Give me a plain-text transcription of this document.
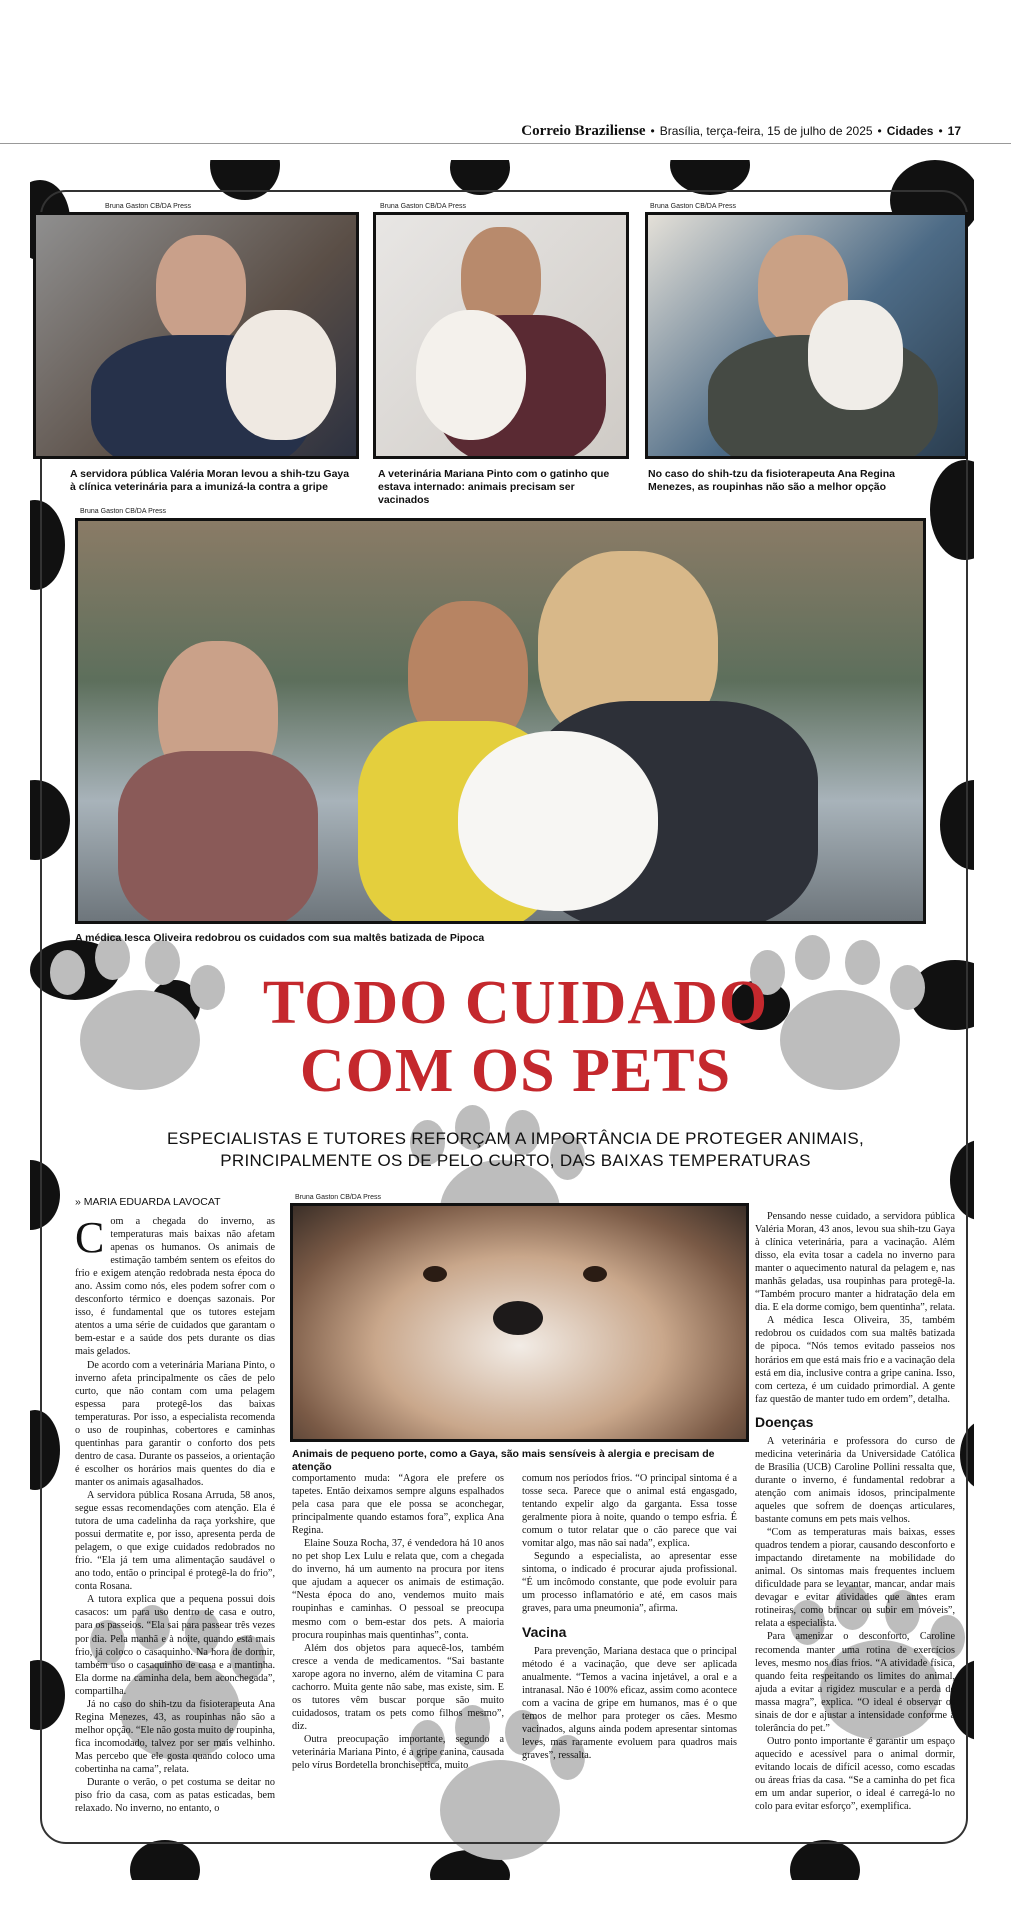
Correio Braziliense • Brasília, terça-feira, 15 de julho de 2025 • Cidades • 17
Bruna Gaston CB/DA Press
A servidora pública Valéria Moran levou a shih-tzu Gaya à clínica veterinária para a imunizá-la contra a gripe
Bruna Gaston CB/DA Press
A veterinária Mariana Pinto com o gatinho que estava internado: animais precisam ser vacinados
Bruna Gaston CB/DA Press
No caso do shih-tzu da fisioterapeuta Ana Regina Menezes, as roupinhas não são a melhor opção
Bruna Gaston CB/DA Press
A médica Iesca Oliveira redobrou os cuidados com sua maltês batizada de Pipoca
TODO CUIDADO
COM OS PETS
ESPECIALISTAS E TUTORES REFORÇAM A IMPORTÂNCIA DE PROTEGER ANIMAIS,
PRINCIPALMENTE OS DE PELO CURTO, DAS BAIXAS TEMPERATURAS
» MARIA EDUARDA LAVOCAT	Bruna Gaston CB/DA Press
Animais de pequeno porte, como a Gaya, são mais sensíveis à alergia e precisam de atenção

Com a chegada do inverno, as temperaturas mais baixas não afetam apenas os humanos. Os animais de estimação também sentem os efeitos do frio e exigem atenção redobrada nesta época do ano. Assim como nós, eles podem sofrer com o desconforto térmico e doenças sazonais. Por isso, é fundamental que os tutores estejam atentos a uma série de cuidados que garantam o bem-estar e a saúde dos pets durante os dias mais gelados.

De acordo com a veterinária Mariana Pinto, o inverno afeta principalmente os cães de pelo curto, que não contam com uma pelagem espessa para protegê-los das baixas temperaturas. Por isso, a especialista recomenda o uso de roupinhas, cobertores e caminhas quentinhas para garantir o conforto dos pets dentro de casa. Durante os passeios, a orientação é escolher os horários mais quentes do dia e manter os animais agasalhados.

A servidora pública Rosana Arruda, 58 anos, segue essas recomendações com atenção. Ela é tutora de uma cadelinha da raça yorkshire, que possui dermatite e, por isso, apresenta perda de pelagem, o que exige cuidados redobrados no frio. “Ela já tem uma alimentação saudável o ano todo, então o principal é protegê-la do frio”, conta Rosana.

A tutora explica que a pequena possui dois casacos: um para uso dentro de casa e outro, para os passeios. “Ela sai para passear três vezes por dia. Pela manhã e à noite, quando está mais frio, já coloco o casaquinho. Na hora de dormir, também uso o casaquinho de casa e a mantinha. Ela dorme na caminha dela, bem aconchegada”, compartilha.

Já no caso do shih-tzu da fisioterapeuta Ana Regina Menezes, 43, as roupinhas não são a melhor opção. “Ele não gosta muito de roupinha, fica incomodado, talvez por ser mais velhinho. Mas percebo que ele gosta quando coloco uma cobertinha na cama”, relata.

Durante o verão, o pet costuma se deitar no piso frio da casa, com as patas esticadas, bem relaxado. No inverno, no entanto, o

comportamento muda: “Agora ele prefere os tapetes. Então deixamos sempre alguns espalhados pela casa para que ele possa se aconchegar, principalmente quando estamos fora”, explica Ana Regina.

Elaine Souza Rocha, 37, é vendedora há 10 anos no pet shop Lex Lulu e relata que, com a chegada do inverno, há um aumento na procura por itens que ajudam a aquecer os animais de estimação. “Nesta época do ano, vendemos muito mais roupinhas e caminhas. O pessoal se preocupa mesmo com o bem-estar dos pets. A maioria procura roupinhas mais quentinhas”, conta.

Além dos objetos para aquecê-los, também cresce a venda de medicamentos. “Sai bastante xarope agora no inverno, além de vitamina C para cachorro. Muita gente não sabe, mas existe, sim. E os tutores vêm buscar porque são muito cuidadosos, tratam os pets como filhos mesmo”, diz.

Outra preocupação importante, segundo a veterinária Mariana Pinto, é a gripe canina, causada pelo vírus Bordetella bronchiseptica, muito

comum nos períodos frios. “O principal sintoma é a tosse seca. Parece que o animal está engasgado, tentando expelir algo da garganta. Essa tosse geralmente piora à noite, quando o tempo esfria. É comum o tutor relatar que o cão parece que vai vomitar algo, mas não sai nada”, explica.

Segundo a especialista, ao apresentar esse sintoma, o indicado é procurar ajuda profissional. “É um incômodo constante, que pode evoluir para um processo inflamatório e até, em casos mais graves, para uma pneumonia”, afirma.

Vacina

Para prevenção, Mariana destaca que o principal método é a vacinação, que deve ser aplicada anualmente. “Temos a vacina injetável, a oral e a intranasal. Não é 100% eficaz, assim como acontece com a vacina de gripe em humanos, mas é o que temos de melhor para proteger os cães. Mesmo vacinados, alguns ainda podem apresentar sintomas leves, mas raramente evoluem para quadros mais graves”, ressalta.

Pensando nesse cuidado, a servidora pública Valéria Moran, 43 anos, levou sua shih-tzu Gaya à clínica veterinária, para a vacinação. Além disso, ela evita tosar a cadela no inverno para manter o aquecimento natural da pelagem e, nas manhãs geladas, usa roupinhas para protegê-la. “Também procuro manter a hidratação dela em dia. E ela dorme comigo, bem quentinha”, relata.

A médica Iesca Oliveira, 35, também redobrou os cuidados com sua maltês batizada de pipoca. “Nós temos evitado passeios nos horários em que está mais frio e a vacinação dela está em dia, inclusive contra a gripe canina. Isso, com certeza, é um cuidado primordial. A gente faz questão de manter tudo em ordem”, detalha.

Doenças

A veterinária e professora do curso de medicina veterinária da Universidade Católica de Brasília (UCB) Caroline Pollini ressalta que, durante o inverno, é fundamental redobrar a atenção com animais idosos, principalmente aqueles que sofrem de doenças articulares, bastante comuns em pets mais velhos.

“Com as temperaturas mais baixas, esses quadros tendem a piorar, causando desconforto e impactando diretamente na mobilidade do animal. Os sintomas mais frequentes incluem dificuldade para se levantar, mancar, andar mais devagar e evitar atividades que antes eram rotineiras, como brincar ou subir em móveis”, relata a especialista.

Para amenizar o desconforto, Caroline recomenda manter uma rotina de exercícios leves, mesmo nos dias frios. “A atividade física, quando feita respeitando os limites do animal, ajuda a evitar a rigidez muscular e a perda de massa magra”, explica. “O ideal é observar os sinais de dor e ajustar a intensidade conforme a tolerância do pet.”

Outro ponto importante é garantir um espaço aquecido e acessível para o animal dormir, evitando locais de difícil acesso, como escadas ou áreas frias da casa. “Se a caminha do pet fica em um andar superior, o ideal é carregá-lo no colo para evitar esforço”, exemplifica.
